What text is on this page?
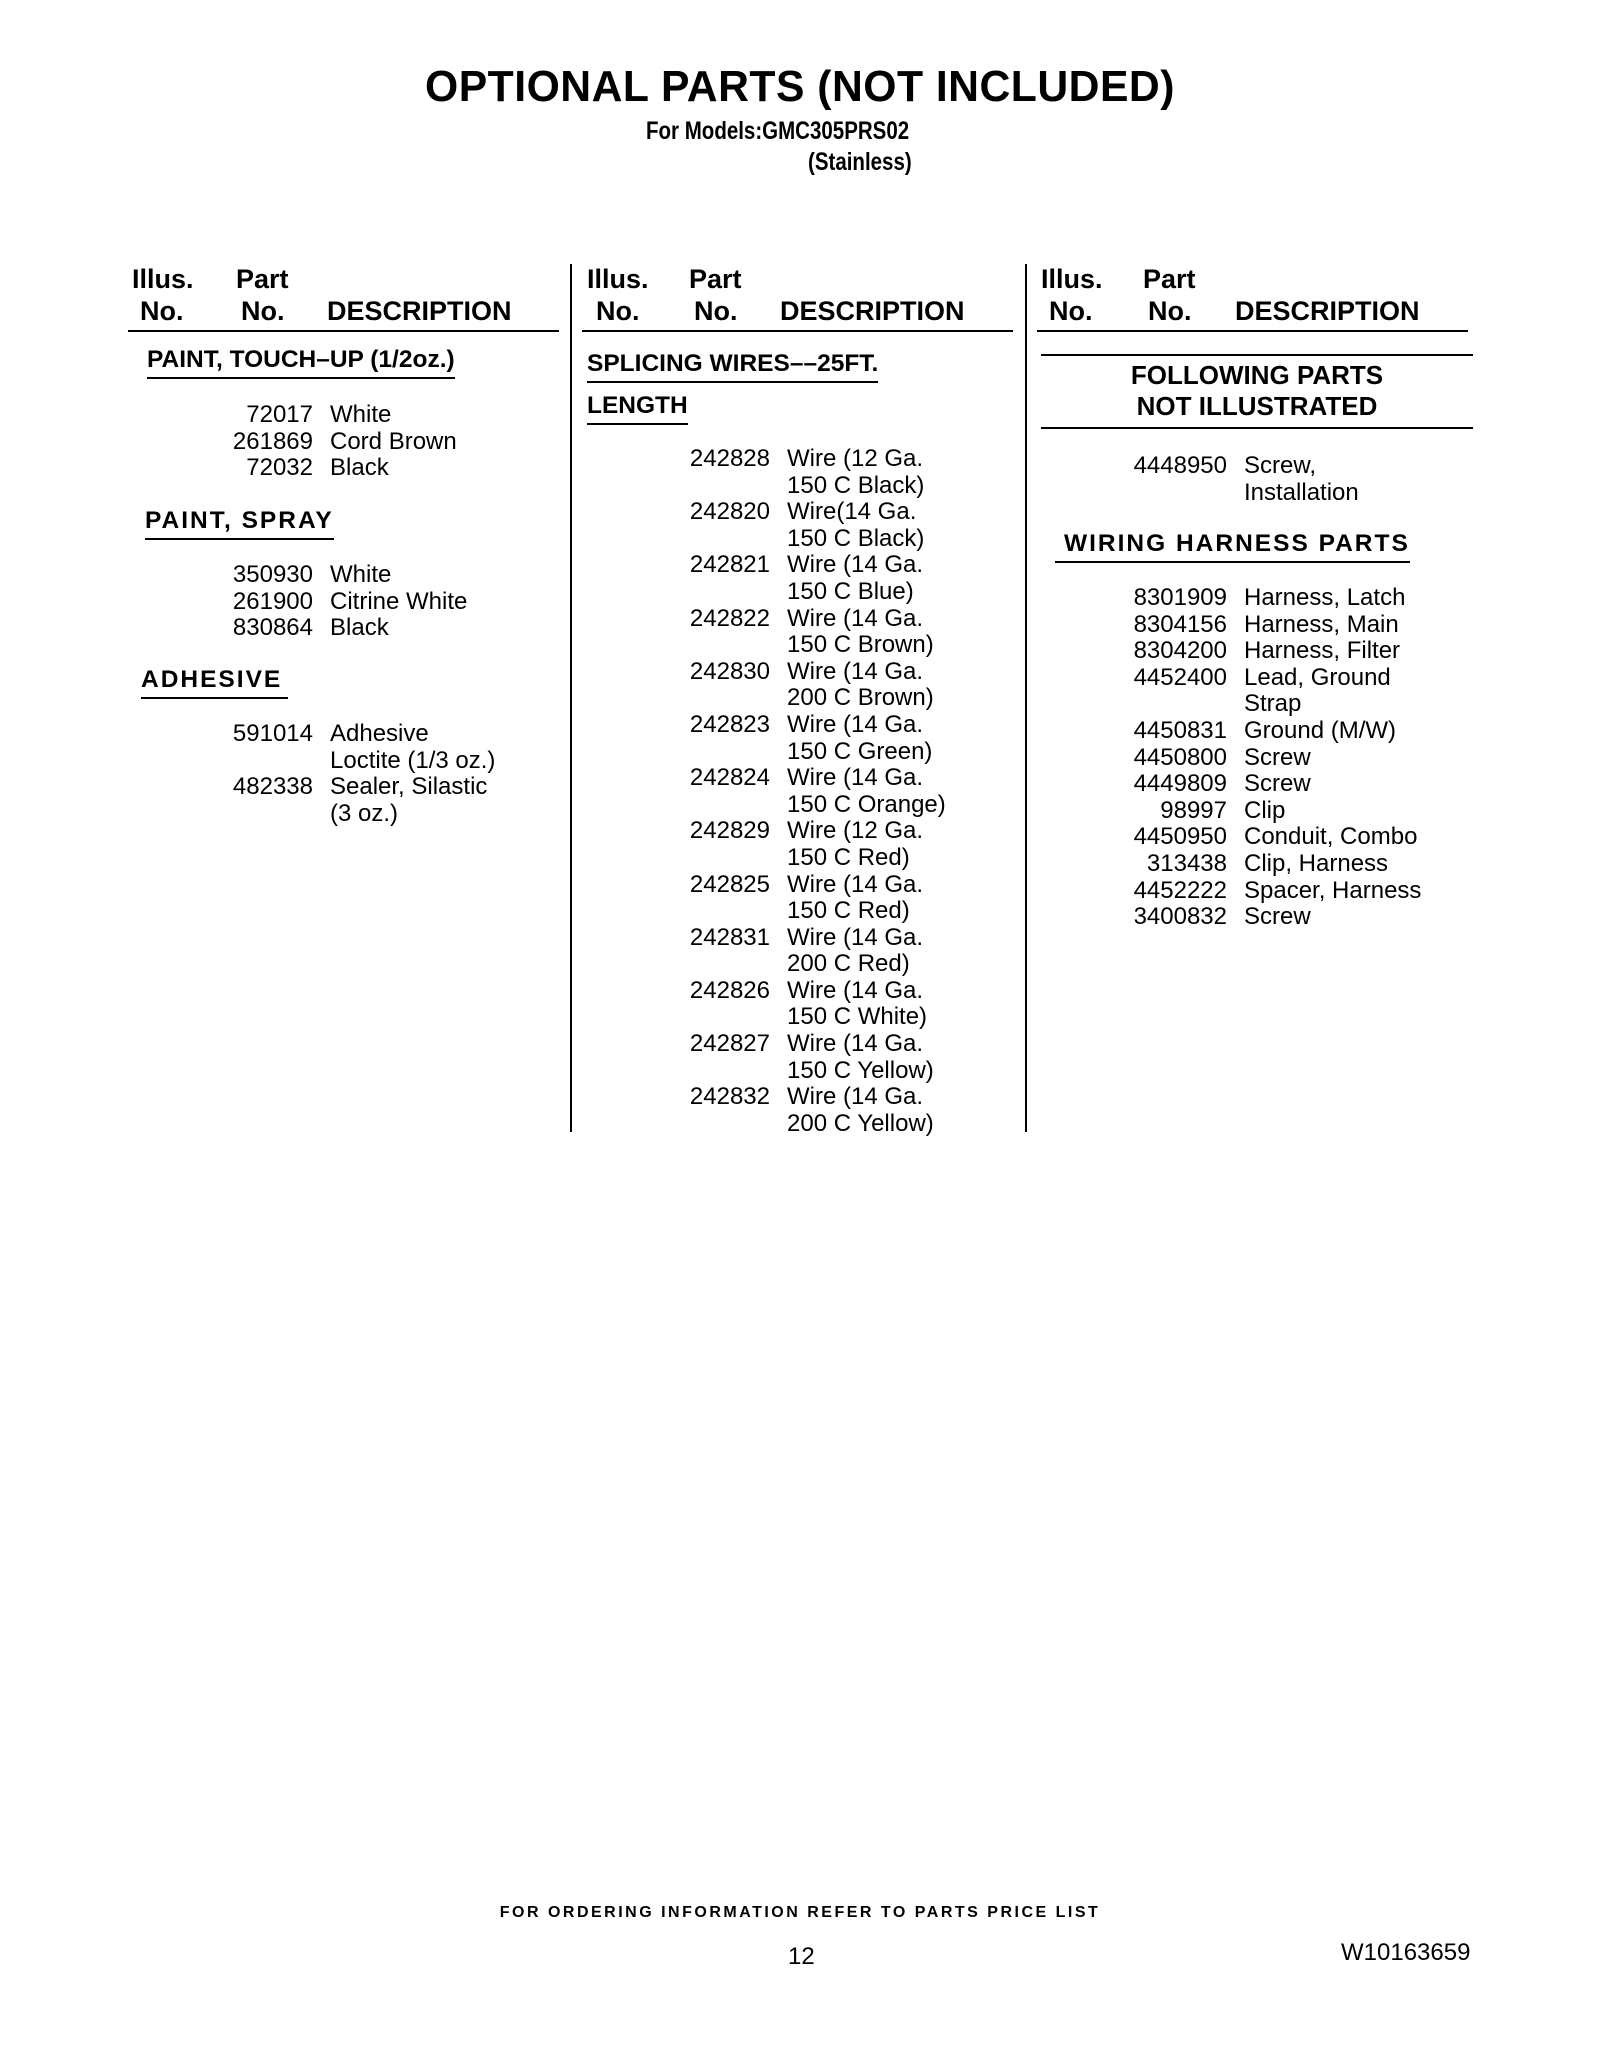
OPTIONAL PARTS (NOT INCLUDED)
For Models:GMC305PRS02
(Stainless)
Illus. Part
No. No. DESCRIPTION
PAINT, TOUCH–UP (1/2oz.)
72017 White
261869 Cord Brown
72032 Black
PAINT, SPRAY
350930 White
261900 Citrine White
830864 Black
ADHESIVE
591014 Adhesive
Loctite (1/3 oz.)
482338 Sealer, Silastic
(3 oz.)
Illus. Part
No. No. DESCRIPTION
SPLICING WIRES––25FT.
LENGTH
242828 Wire (12 Ga.
150 C Black)
242820 Wire(14 Ga.
150 C Black)
242821 Wire (14 Ga.
150 C Blue)
242822 Wire (14 Ga.
150 C Brown)
242830 Wire (14 Ga.
200 C Brown)
242823 Wire (14 Ga.
150 C Green)
242824 Wire (14 Ga.
150 C Orange)
242829 Wire (12 Ga.
150 C Red)
242825 Wire (14 Ga.
150 C Red)
242831 Wire (14 Ga.
200 C Red)
242826 Wire (14 Ga.
150 C White)
242827 Wire (14 Ga.
150 C Yellow)
242832 Wire (14 Ga.
200 C Yellow)
Illus. Part
No. No. DESCRIPTION
FOLLOWING PARTS
NOT ILLUSTRATED
4448950 Screw,
Installation
WIRING HARNESS PARTS
8301909 Harness, Latch
8304156 Harness, Main
8304200 Harness, Filter
4452400 Lead, Ground
Strap
4450831 Ground (M/W)
4450800 Screw
4449809 Screw
98997 Clip
4450950 Conduit, Combo
313438 Clip, Harness
4452222 Spacer, Harness
3400832 Screw
FOR ORDERING INFORMATION REFER TO PARTS PRICE LIST
12	W10163659
